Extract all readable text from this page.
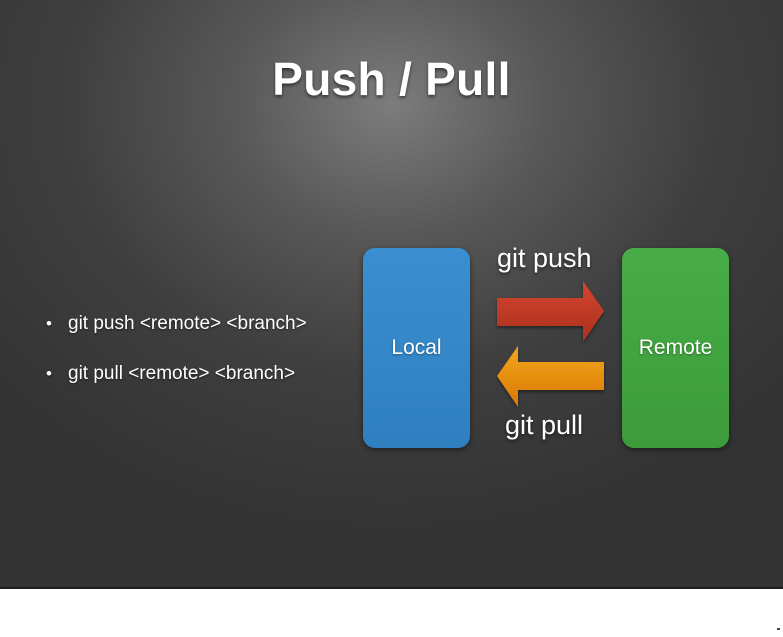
Push / Pull
• git push <remote> <branch>
• git pull <remote> <branch>
Local	Remote
git push
git pull
